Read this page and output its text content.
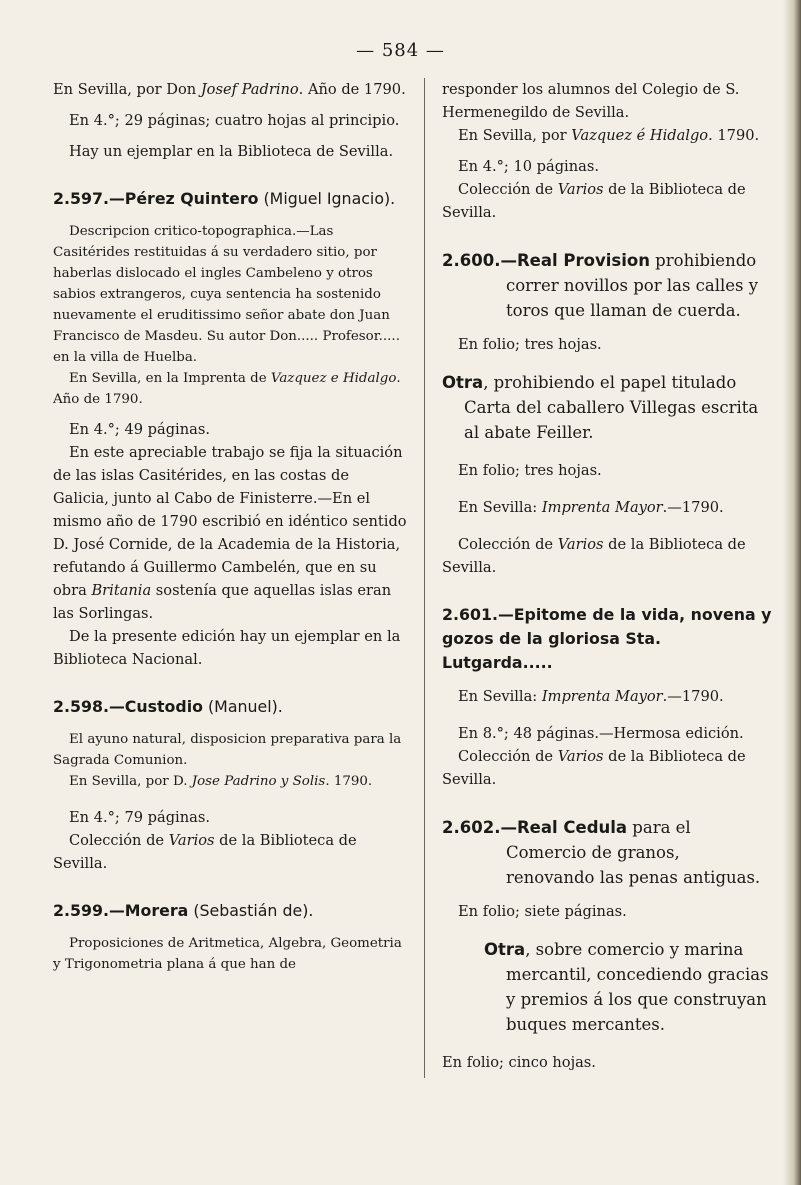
— 584 —

En Sevilla, por Don Josef Padrino. Año de 1790.

En 4.°; 29 páginas; cuatro hojas al principio.

Hay un ejemplar en la Biblioteca de Sevilla.

2.597.—Pérez Quintero (Miguel Ignacio).

Descripcion critico-topographica.—Las Casitérides restituidas á su verdadero sitio, por haberlas dislocado el ingles Cambeleno y otros sabios extrangeros, cuya sentencia ha sostenido nuevamente el eruditissimo señor abate don Juan Francisco de Masdeu. Su autor Don..... Profesor..... en la villa de Huelba.

En Sevilla, en la Imprenta de Vazquez e Hidalgo. Año de 1790.

En 4.°; 49 páginas.

En este apreciable trabajo se fija la situación de las islas Casitérides, en las costas de Galicia, junto al Cabo de Finisterre.—En el mismo año de 1790 escribió en idéntico sentido D. José Cornide, de la Academia de la Historia, refutando á Guillermo Cambelén, que en su obra Britania sostenía que aquellas islas eran las Sorlingas.

De la presente edición hay un ejemplar en la Biblioteca Nacional.

2.598.—Custodio (Manuel).

El ayuno natural, disposicion preparativa para la Sagrada Comunion.

En Sevilla, por D. Jose Padrino y Solis. 1790.

En 4.°; 79 páginas.

Colección de Varios de la Biblioteca de Sevilla.

2.599.—Morera (Sebastián de).

Proposiciones de Aritmetica, Algebra, Geometria y Trigonometria plana á que han de

responder los alumnos del Colegio de S. Hermenegildo de Sevilla.

En Sevilla, por Vazquez é Hidalgo. 1790.

En 4.°; 10 páginas.

Colección de Varios de la Biblioteca de Sevilla.

2.600.—Real Provision prohibiendo correr novillos por las calles y toros que llaman de cuerda.

En folio; tres hojas.

Otra, prohibiendo el papel titulado Carta del caballero Villegas escrita al abate Feiller.

En folio; tres hojas.

En Sevilla: Imprenta Mayor.—1790.

Colección de Varios de la Biblioteca de Sevilla.

2.601.—Epitome de la vida, novena y gozos de la gloriosa Sta. Lutgarda.....

En Sevilla: Imprenta Mayor.—1790.

En 8.°; 48 páginas.—Hermosa edición.

Colección de Varios de la Biblioteca de Sevilla.

2.602.—Real Cedula para el Comercio de granos, renovando las penas antiguas.

En folio; siete páginas.

Otra, sobre comercio y marina mercantil, concediendo gracias y premios á los que construyan buques mercantes.

En folio; cinco hojas.
